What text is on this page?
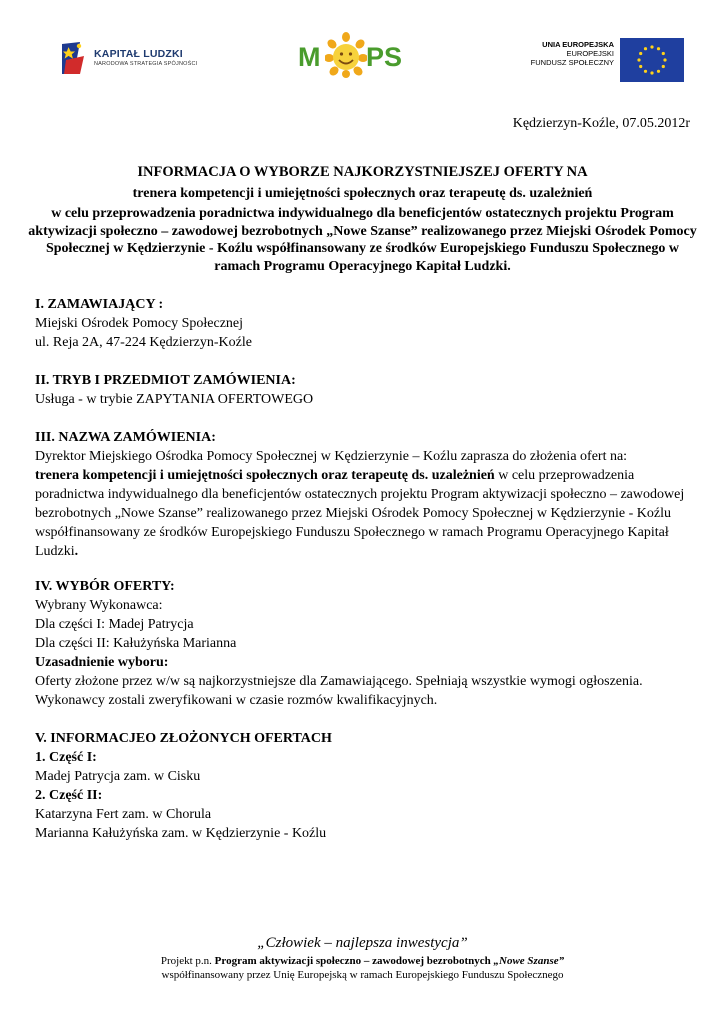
KAPITAŁ LUDZKI
NARODOWA STRATEGIA SPÓJNOŚCI	M PS	UNIA EUROPEJSKA
EUROPEJSKI
FUNDUSZ SPOŁECZNY
Kędzierzyn-Koźle, 07.05.2012r

INFORMACJA O WYBORZE NAJKORZYSTNIEJSZEJ OFERTY NA

trenera kompetencji i umiejętności społecznych oraz terapeutę ds. uzależnień

w celu przeprowadzenia poradnictwa indywidualnego dla beneficjentów ostatecznych projektu Program aktywizacji społeczno – zawodowej bezrobotnych „Nowe Szanse” realizowanego przez Miejski Ośrodek Pomocy Społecznej w Kędzierzynie - Koźlu współfinansowany ze środków Europejskiego Funduszu Społecznego w ramach Programu Operacyjnego Kapitał Ludzki.

I. ZAMAWIAJĄCY :

Miejski Ośrodek Pomocy Społecznej

ul. Reja 2A, 47-224 Kędzierzyn-Koźle

II. TRYB I PRZEDMIOT ZAMÓWIENIA:

Usługa - w trybie ZAPYTANIA OFERTOWEGO

III. NAZWA ZAMÓWIENIA:

Dyrektor Miejskiego Ośrodka Pomocy Społecznej w Kędzierzynie – Koźlu zaprasza do złożenia ofert na:

trenera kompetencji i umiejętności społecznych oraz terapeutę ds. uzależnień w celu przeprowadzenia poradnictwa indywidualnego dla beneficjentów ostatecznych projektu Program aktywizacji społeczno – zawodowej bezrobotnych „Nowe Szanse” realizowanego przez Miejski Ośrodek Pomocy Społecznej w Kędzierzynie - Koźlu współfinansowany ze środków Europejskiego Funduszu Społecznego w ramach Programu Operacyjnego Kapitał Ludzki.

IV. WYBÓR OFERTY:

Wybrany Wykonawca:

Dla części I: Madej Patrycja

Dla części II: Kałużyńska Marianna

Uzasadnienie wyboru:

Oferty złożone przez w/w są najkorzystniejsze dla Zamawiającego. Spełniają wszystkie wymogi ogłoszenia.

Wykonawcy zostali zweryfikowani w czasie rozmów kwalifikacyjnych.

V. INFORMACJEO ZŁOŻONYCH OFERTACH

1. Część I:

Madej Patrycja zam. w Cisku

2. Część II:

Katarzyna Fert zam. w Chorula

Marianna Kałużyńska zam. w Kędzierzynie - Koźlu

„Człowiek – najlepsza inwestycja”
Projekt p.n. Program aktywizacji społeczno – zawodowej bezrobotnych „Nowe Szanse”
współfinansowany przez Unię Europejską w ramach Europejskiego Funduszu Społecznego
